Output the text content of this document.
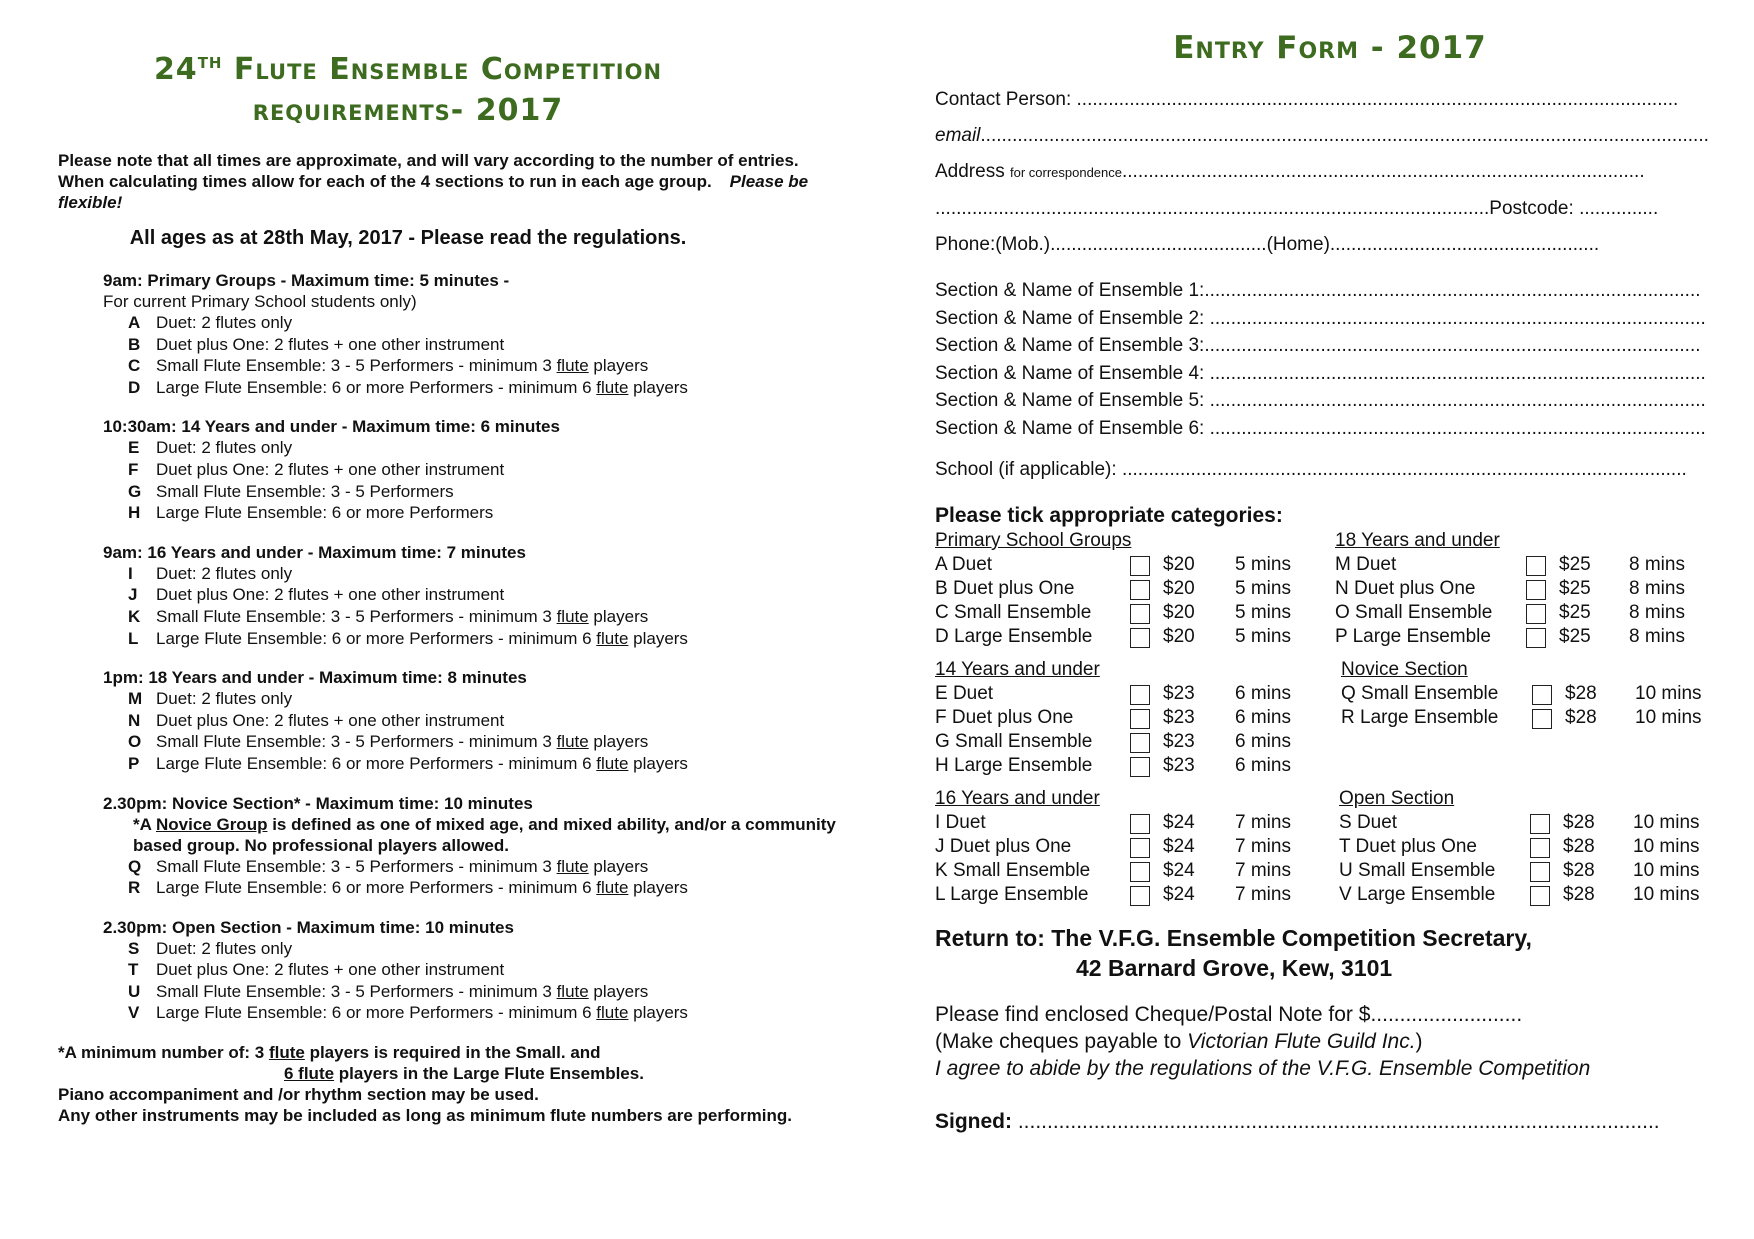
24TH Flute Ensemble Competition
requirements- 2017
Please note that all times are approximate, and will vary according to the number of entries. When calculating times allow for each of the 4 sections to run in each age group. Please be flexible!
All ages as at 28th May, 2017 - Please read the regulations.
9am: Primary Groups - Maximum time: 5 minutes -
For current Primary School students only)
A Duet: 2 flutes only
B Duet plus One: 2 flutes + one other instrument
C Small Flute Ensemble: 3 - 5 Performers - minimum 3 flute players
D Large Flute Ensemble: 6 or more Performers - minimum 6 flute players
10:30am: 14 Years and under - Maximum time: 6 minutes
E Duet: 2 flutes only
F Duet plus One: 2 flutes + one other instrument
G Small Flute Ensemble: 3 - 5 Performers
H Large Flute Ensemble: 6 or more Performers
9am: 16 Years and under - Maximum time: 7 minutes
I Duet: 2 flutes only
J Duet plus One: 2 flutes + one other instrument
K Small Flute Ensemble: 3 - 5 Performers - minimum 3 flute players
L Large Flute Ensemble: 6 or more Performers - minimum 6 flute players
1pm: 18 Years and under - Maximum time: 8 minutes
M Duet: 2 flutes only
N Duet plus One: 2 flutes + one other instrument
O Small Flute Ensemble: 3 - 5 Performers - minimum 3 flute players
P Large Flute Ensemble: 6 or more Performers - minimum 6 flute players
2.30pm: Novice Section* - Maximum time: 10 minutes
*A Novice Group is defined as one of mixed age, and mixed ability, and/or a community based group. No professional players allowed.
Q Small Flute Ensemble: 3 - 5 Performers - minimum 3 flute players
R Large Flute Ensemble: 6 or more Performers - minimum 6 flute players
2.30pm: Open Section - Maximum time: 10 minutes
S Duet: 2 flutes only
T Duet plus One: 2 flutes + one other instrument
U Small Flute Ensemble: 3 - 5 Performers - minimum 3 flute players
V Large Flute Ensemble: 6 or more Performers - minimum 6 flute players
*A minimum number of: 3 flute players is required in the Small. and
6 flute players in the Large Flute Ensembles.
Piano accompaniment and /or rhythm section may be used.
Any other instruments may be included as long as minimum flute numbers are performing.
Entry Form - 2017
Contact Person: ..................................................................................................................
email..........................................................................................................................................
Address for correspondence...................................................................................................
.........................................................................................................Postcode: ...............
Phone:(Mob.).........................................(Home)...................................................
Section & Name of Ensemble 1:..............................................................................................
Section & Name of Ensemble 2: ..............................................................................................
Section & Name of Ensemble 3:..............................................................................................
Section & Name of Ensemble 4: ..............................................................................................
Section & Name of Ensemble 5: ..............................................................................................
Section & Name of Ensemble 6: ..............................................................................................
School (if applicable): ...........................................................................................................
Please tick appropriate categories:
Primary School Groups
A Duet	$20 5 mins
B Duet plus One	$20 5 mins
C Small Ensemble	$20 5 mins
D Large Ensemble	$20 5 mins
18 Years and under
M Duet	$25 8 mins
N Duet plus One	$25 8 mins
O Small Ensemble	$25 8 mins
P Large Ensemble	$25 8 mins
14 Years and under
E Duet	$23 6 mins
F Duet plus One	$23 6 mins
G Small Ensemble	$23 6 mins
H Large Ensemble	$23 6 mins
Novice Section
Q Small Ensemble	$28 10 mins
R Large Ensemble	$28 10 mins
16 Years and under
I Duet	$24 7 mins
J Duet plus One	$24 7 mins
K Small Ensemble	$24 7 mins
L Large Ensemble	$24 7 mins
Open Section
S Duet	$28 10 mins
T Duet plus One	$28 10 mins
U Small Ensemble	$28 10 mins
V Large Ensemble	$28 10 mins
Return to: The V.F.G. Ensemble Competition Secretary,
42 Barnard Grove, Kew, 3101
Please find enclosed Cheque/Postal Note for $..........................
(Make cheques payable to Victorian Flute Guild Inc.)
I agree to abide by the regulations of the V.F.G. Ensemble Competition
Signed: ..............................................................................................................
